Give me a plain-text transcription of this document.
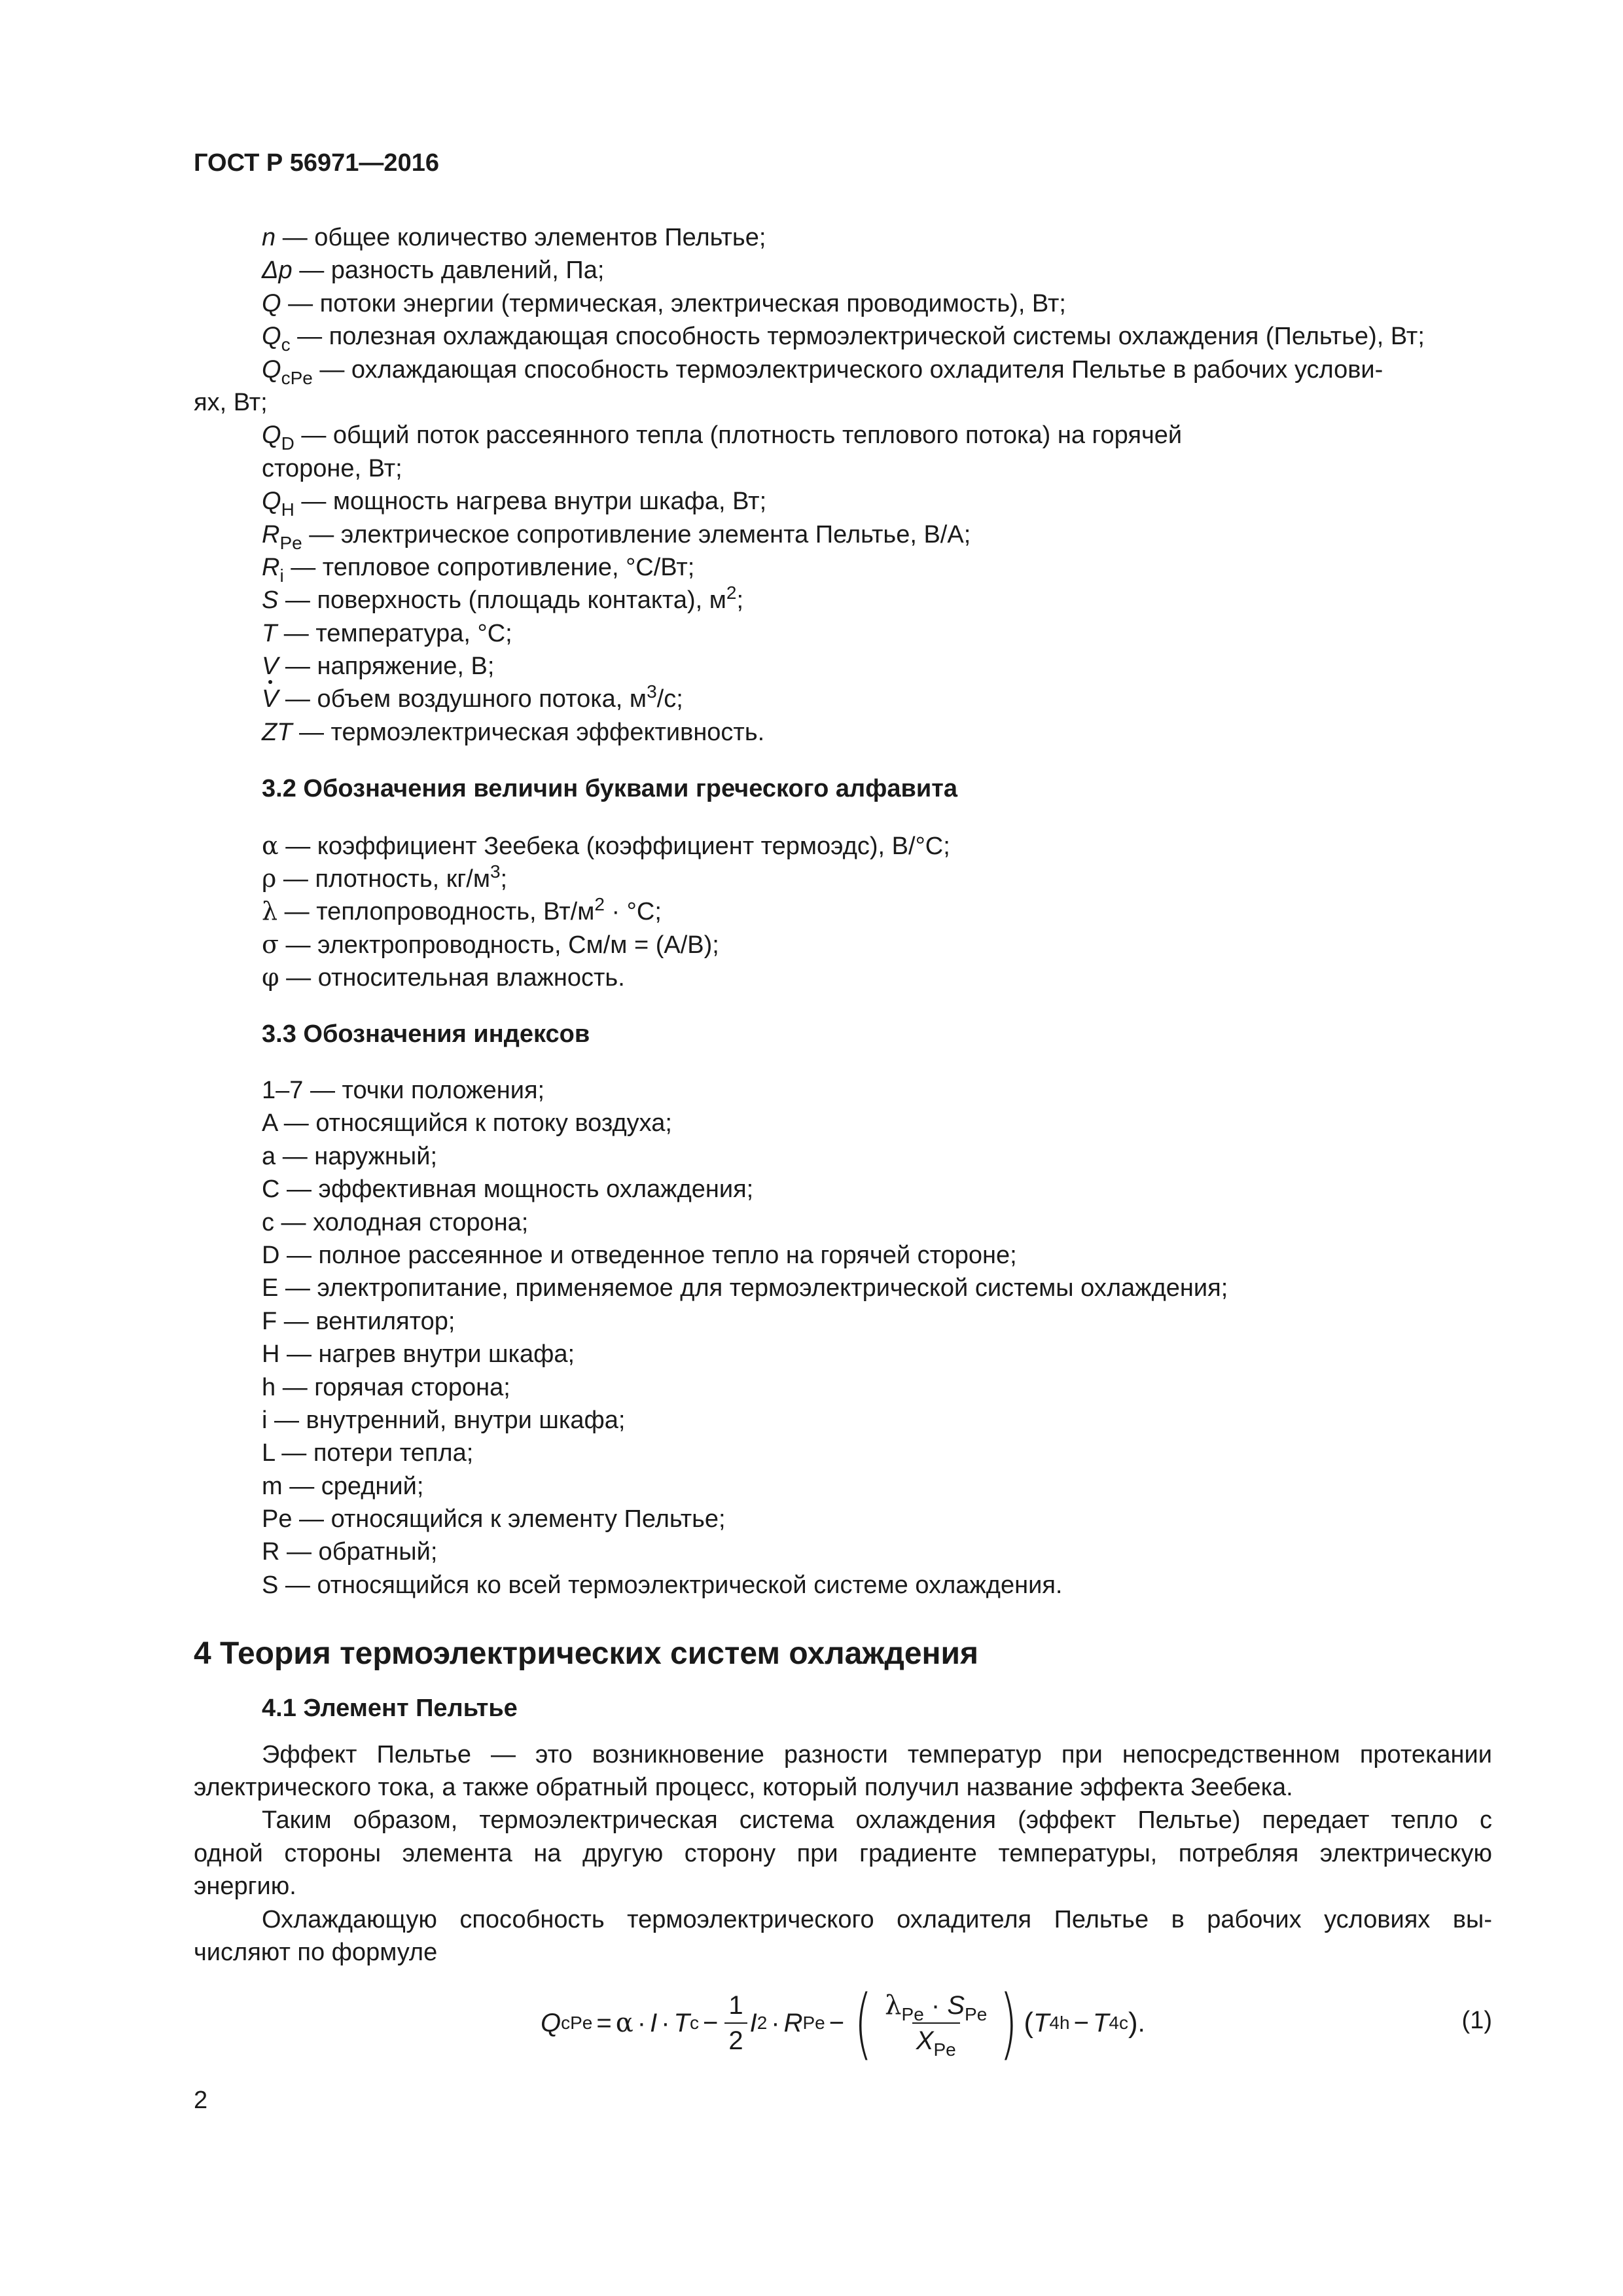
ГОСТ Р 56971—2016
n — общее количество элементов Пельтье;
Δp — разность давлений, Па;
Q — потоки энергии (термическая, электрическая проводимость), Вт;
$Q_c$ — полезная охлаждающая способность термоэлектрической системы охлаждения (Пельтье), Вт;
$Q_{cPe}$ — охлаждающая способность термоэлектрического охладителя Пельтье в рабочих услови-
ях, Вт;
$Q_D$ — общий поток рассеянного тепла (плотность теплового потока) на горячей
стороне, Вт;
$Q_H$ — мощность нагрева внутри шкафа, Вт;
$R_{Pe}$ — электрическое сопротивление элемента Пельтье, В/А;
$R_i$ — тепловое сопротивление, °С/Вт;
S — поверхность (площадь контакта), $м^2$;
T — температура, °С;
V — напряжение, В;
V — объем воздушного потока, $м^3/с$;
ZT — термоэлектрическая эффективность.
3.2 Обозначения величин буквами греческого алфавита
α — коэффициент Зеебека (коэффициент термоэдс), В/°С;
ρ — плотность, $кг/м^3$;
λ — теплопроводность, $Вт/м^2 \cdot ^\circ С$;
σ — электропроводность, См/м = (А/В);
φ — относительная влажность.
3.3 Обозначения индексов
1–7 — точки положения;
A — относящийся к потоку воздуха;
a — наружный;
C — эффективная мощность охлаждения;
c — холодная сторона;
D — полное рассеянное и отведенное тепло на горячей стороне;
E — электропитание, применяемое для термоэлектрической системы охлаждения;
F — вентилятор;
H — нагрев внутри шкафа;
h — горячая сторона;
i — внутренний, внутри шкафа;
L — потери тепла;
m — средний;
Pe — относящийся к элементу Пельтье;
R — обратный;
S — относящийся ко всей термоэлектрической системе охлаждения.
4 Теория термоэлектрических систем охлаждения
4.1 Элемент Пельтье
Эффект Пельтье — это возникновение разности температур при непосредственном протекании
электрического тока, а также обратный процесс, который получил название эффекта Зеебека.
Таким образом, термоэлектрическая система охлаждения (эффект Пельтье) передает тепло с
одной стороны элемента на другую сторону при градиенте температуры, потребляя электрическую
энергию.
Охлаждающую способность термоэлектрического охладителя Пельтье в рабочих условиях вы-
числяют по формуле
Q cPe = α · I · T $c - \frac{1}{2}$ I 2 · R Pe − ( $\frac{\lambda_{Pe} \cdot S_{Pe}}{X_{Pe}}$ ) ( T 4h − T 4c ) .	(1)
2
